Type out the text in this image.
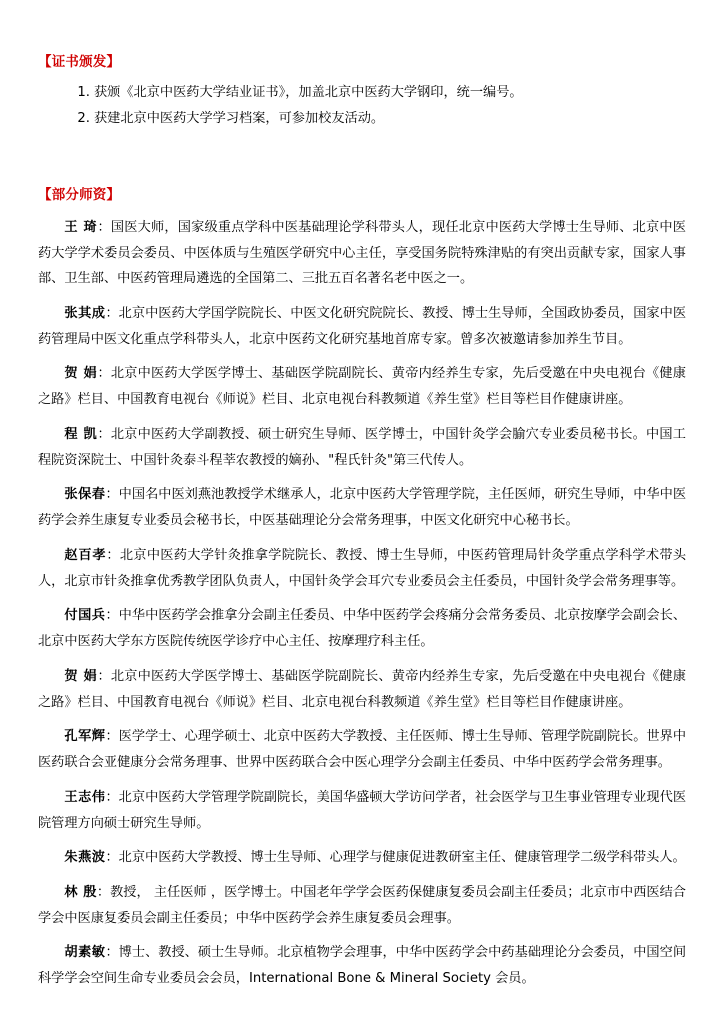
【证书颁发】
获颁《北京中医药大学结业证书》，加盖北京中医药大学钢印，统一编号。
获建北京中医药大学学习档案，可参加校友活动。
【部分师资】

王 琦：国医大师，国家级重点学科中医基础理论学科带头人，现任北京中医药大学博士生导师、北京中医药大学学术委员会委员、中医体质与生殖医学研究中心主任，享受国务院特殊津贴的有突出贡献专家，国家人事部、卫生部、中医药管理局遴选的全国第二、三批五百名著名老中医之一。

张其成：北京中医药大学国学院院长、中医文化研究院院长、教授、博士生导师，全国政协委员，国家中医药管理局中医文化重点学科带头人，北京中医药文化研究基地首席专家。曾多次被邀请参加养生节目。

贺 娟：北京中医药大学医学博士、基础医学院副院长、黄帝内经养生专家，先后受邀在中央电视台《健康之路》栏目、中国教育电视台《师说》栏目、北京电视台科教频道《养生堂》栏目等栏目作健康讲座。

程 凯：北京中医药大学副教授、硕士研究生导师、医学博士，中国针灸学会腧穴专业委员秘书长。中国工程院资深院士、中国针灸泰斗程莘农教授的嫡孙、"程氏针灸"第三代传人。

张保春：中国名中医刘燕池教授学术继承人，北京中医药大学管理学院，主任医师，研究生导师，中华中医药学会养生康复专业委员会秘书长，中医基础理论分会常务理事，中医文化研究中心秘书长。

赵百孝：北京中医药大学针灸推拿学院院长、教授、博士生导师，中医药管理局针灸学重点学科学术带头人，北京市针灸推拿优秀教学团队负责人，中国针灸学会耳穴专业委员会主任委员，中国针灸学会常务理事等。

付国兵：中华中医药学会推拿分会副主任委员、中华中医药学会疼痛分会常务委员、北京按摩学会副会长、北京中医药大学东方医院传统医学诊疗中心主任、按摩理疗科主任。

贺 娟：北京中医药大学医学博士、基础医学院副院长、黄帝内经养生专家，先后受邀在中央电视台《健康之路》栏目、中国教育电视台《师说》栏目、北京电视台科教频道《养生堂》栏目等栏目作健康讲座。

孔军辉：医学学士、心理学硕士、北京中医药大学教授、主任医师、博士生导师、管理学院副院长。世界中医药联合会亚健康分会常务理事、世界中医药联合会中医心理学分会副主任委员、中华中医药学会常务理事。

王志伟：北京中医药大学管理学院副院长，美国华盛顿大学访问学者，社会医学与卫生事业管理专业现代医院管理方向硕士研究生导师。

朱燕波：北京中医药大学教授、博士生导师、心理学与健康促进教研室主任、健康管理学二级学科带头人。

林 殷：教授， 主任医师 ，医学博士。中国老年学学会医药保健康复委员会副主任委员；北京市中西医结合学会中医康复委员会副主任委员；中华中医药学会养生康复委员会理事。

胡素敏：博士、教授、硕士生导师。北京植物学会理事，中华中医药学会中药基础理论分会委员，中国空间科学学会空间生命专业委员会会员，International Bone & Mineral Society 会员。
